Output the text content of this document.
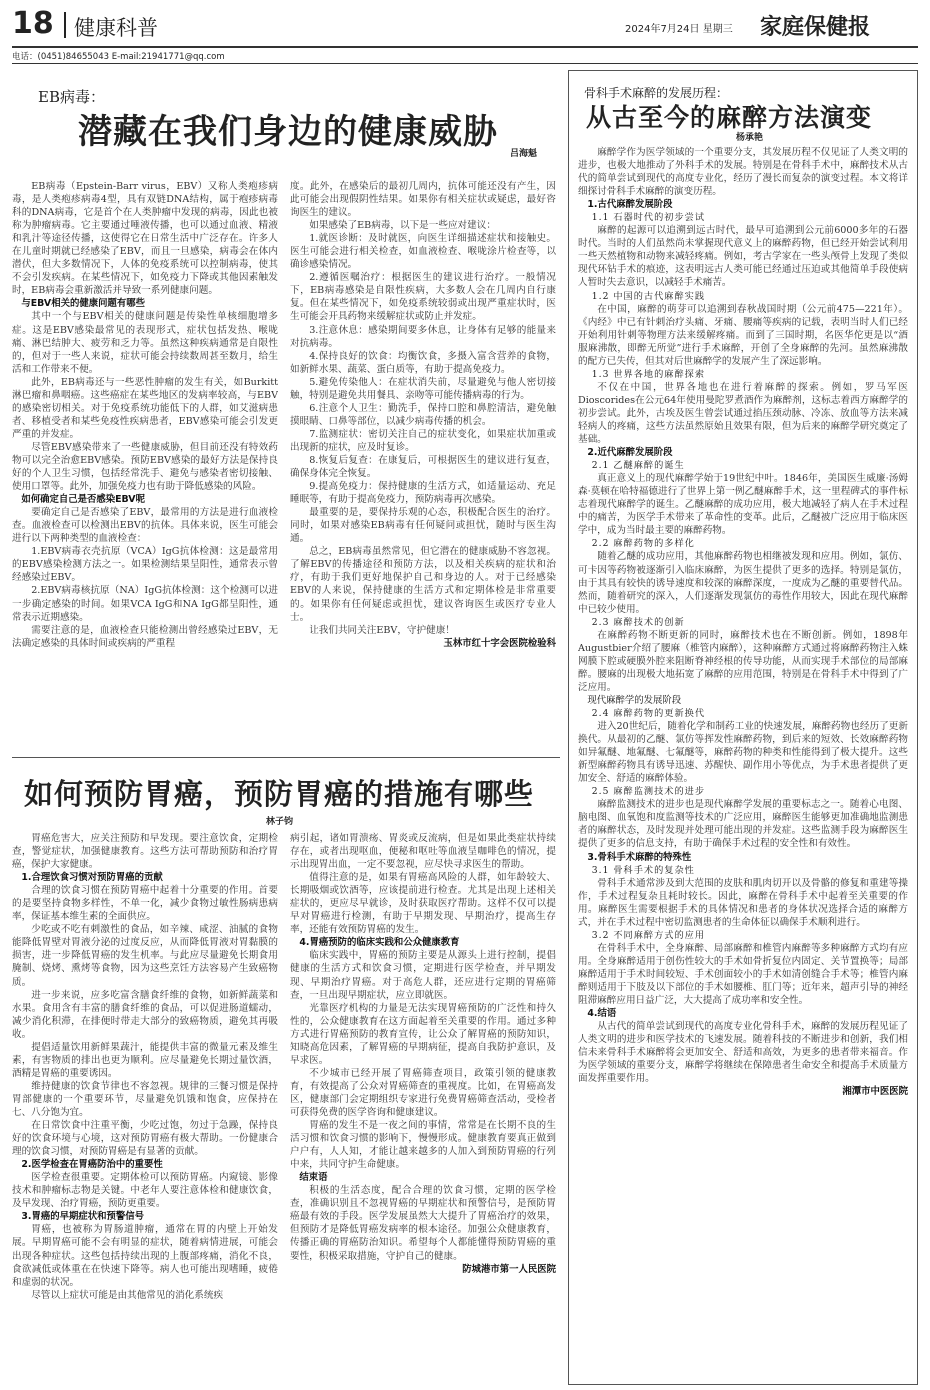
18 健康科普	2024年7月24日 星期三 家庭保健报
电话：(0451)84655043 E-mail:21941771@qq.com
EB病毒：
潜藏在我们身边的健康威胁
吕海魁

EB病毒（Epstein-Barr virus，EBV）又称人类疱疹病毒，是人类疱疹病毒4型，具有双链DNA结构，属于疱疹病毒科的DNA病毒，它是首个在人类肿瘤中发现的病毒，因此也被称为肿瘤病毒。它主要通过唾液传播，也可以通过血液、精液和乳汁等途径传播，这使得它在日常生活中广泛存在。许多人在儿童时期就已经感染了EBV，而且一旦感染，病毒会在体内潜伏，但大多数情况下，人体的免疫系统可以控制病毒，使其不会引发疾病。在某些情况下，如免疫力下降或其他因素触发时，EB病毒会重新激活并导致一系列健康问题。

与EBV相关的健康问题有哪些

其中一个与EBV相关的健康问题是传染性单核细胞增多症。这是EBV感染最常见的表现形式，症状包括发热、喉咙痛、淋巴结肿大、疲劳和乏力等。虽然这种疾病通常是自限性的，但对于一些人来说，症状可能会持续数周甚至数月，给生活和工作带来不便。

此外，EB病毒还与一些恶性肿瘤的发生有关，如Burkitt淋巴瘤和鼻咽癌。这些癌症在某些地区的发病率较高，与EBV的感染密切相关。对于免疫系统功能低下的人群，如艾滋病患者、移植受者和某些免疫性疾病患者，EBV感染可能会引发更严重的并发症。

尽管EBV感染带来了一些健康威胁，但目前还没有特效药物可以完全治愈EBV感染。预防EBV感染的最好方法是保持良好的个人卫生习惯，包括经常洗手、避免与感染者密切接触、使用口罩等。此外，加强免疫力也有助于降低感染的风险。

如何确定自己是否感染EBV呢

要确定自己是否感染了EBV，最常用的方法是进行血液检查。血液检查可以检测出EBV的抗体。具体来说，医生可能会进行以下两种类型的血液检查：

1.EBV病毒衣壳抗原（VCA）IgG抗体检测：这是最常用的EBV感染检测方法之一。如果检测结果呈阳性，通常表示曾经感染过EBV。

2.EBV病毒核抗原（NA）IgG抗体检测：这个检测可以进一步确定感染的时间。如果VCA IgG和NA IgG都呈阳性，通常表示近期感染。

需要注意的是，血液检查只能检测出曾经感染过EBV，无法确定感染的具体时间或疾病的严重程

度。此外，在感染后的最初几周内，抗体可能还没有产生，因此可能会出现假阴性结果。如果你有相关症状或疑虑，最好咨询医生的建议。

如果感染了EB病毒，以下是一些应对建议：

1.就医诊断：及时就医，向医生详细描述症状和接触史。医生可能会进行相关检查，如血液检查、喉咙涂片检查等，以确诊感染情况。

2.遵循医嘱治疗：根据医生的建议进行治疗。一般情况下，EB病毒感染是自限性疾病，大多数人会在几周内自行康复。但在某些情况下，如免疫系统较弱或出现严重症状时，医生可能会开具药物来缓解症状或防止并发症。

3.注意休息：感染期间要多休息，让身体有足够的能量来对抗病毒。

4.保持良好的饮食：均衡饮食，多摄入富含营养的食物，如新鲜水果、蔬菜、蛋白质等，有助于提高免疫力。

5.避免传染他人：在症状消失前，尽量避免与他人密切接触，特别是避免共用餐具、亲吻等可能传播病毒的行为。

6.注意个人卫生：勤洗手，保持口腔和鼻腔清洁，避免触摸眼睛、口鼻等部位，以减少病毒传播的机会。

7.监测症状：密切关注自己的症状变化，如果症状加重或出现新的症状，应及时复诊。

8.恢复后复查：在康复后，可根据医生的建议进行复查，确保身体完全恢复。

9.提高免疫力：保持健康的生活方式，如适量运动、充足睡眠等，有助于提高免疫力，预防病毒再次感染。

最重要的是，要保持乐观的心态，积极配合医生的治疗。同时，如果对感染EB病毒有任何疑问或担忧，随时与医生沟通。

总之，EB病毒虽然常见，但它潜在的健康威胁不容忽视。了解EBV的传播途径和预防方法，以及相关疾病的症状和治疗，有助于我们更好地保护自己和身边的人。对于已经感染EBV的人来说，保持健康的生活方式和定期体检是非常重要的。如果你有任何疑虑或担忧，建议咨询医生或医疗专业人士。

让我们共同关注EBV，守护健康！

玉林市红十字会医院检验科

如何预防胃癌，预防胃癌的措施有哪些
林子钧

胃癌危害大，应关注预防和早发现。要注意饮食，定期检查，警觉症状，加强健康教育。这些方法可帮助预防和治疗胃癌，保护大家健康。

1.合理饮食习惯对预防胃癌的贡献

合理的饮食习惯在预防胃癌中起着十分重要的作用。首要的是要坚持食物多样性，不单一化，减少食物过敏性肠病患病率，保证基本维生素的全面供应。

少吃或不吃有刺激性的食品，如辛辣、咸涩、油腻的食物能降低胃壁对胃液分泌的过度反应，从而降低胃液对胃黏膜的损害，进一步降低胃癌的发生机率。与此应尽量避免长期食用腌制、烧烤、熏烤等食物，因为这些烹饪方法容易产生致癌物质。

进一步来说，应多吃富含膳食纤维的食物，如新鲜蔬菜和水果。食用含有丰富的膳食纤维的食品，可以促进肠道蠕动，减少消化积滞，在排便时带走大部分的致癌物质，避免其再吸收。

提倡适量饮用新鲜果蔬汁，能提供丰富的微量元素及维生素，有害物质的排出也更为顺利。应尽量避免长期过量饮酒，酒精是胃癌的重要诱因。

维持健康的饮食节律也不容忽视。规律的三餐习惯是保持胃部健康的一个重要环节，尽量避免饥饿和饱食，应保持在七、八分饱为宜。

在日常饮食中注重平衡，少吃过饱，勿过于急躁，保持良好的饮食环境与心境，这对预防胃癌有极大帮助。一份健康合理的饮食习惯，对预防胃癌是有显著的贡献。

2.医学检查在胃癌防治中的重要性

医学检查很重要。定期体检可以预防胃癌。内窥镜、影像技术和肿瘤标志物是关键。中老年人要注意体检和健康饮食，及早发现、治疗胃癌，预防更重要。

3.胃癌的早期症状和预警信号

胃癌，也被称为胃肠道肿瘤，通常在胃的内壁上开始发展。早期胃癌可能不会有明显的症状，随着病情进展，可能会出现各种症状。这些包括持续出现的上腹部疼痛，消化不良，食欲减低或体重在在快速下降等。病人也可能出现嗜睡，疲倦和虚弱的状况。

尽管以上症状可能是由其他常见的消化系统疾

病引起，诸如胃溃疡、胃炎或反流病，但是如果此类症状持续存在，或者出现呕血，便秘和呕吐等血液呈咖啡色的情况，提示出现胃出血，一定不要忽视，应尽快寻求医生的帮助。

值得注意的是，如果有胃癌高风险的人群，如年龄较大、长期吸烟或饮酒等，应该提前进行检查。尤其是出现上述相关症状的，更应尽早就诊，及时获取医疗帮助。这样不仅可以提早对胃癌进行检测，有助于早期发现、早期治疗，提高生存率，还能有效预防胃癌的发生。

4.胃癌预防的临床实践和公众健康教育

临床实践中，胃癌的预防主要是从源头上进行控制，提倡健康的生活方式和饮食习惯，定期进行医学检查，并早期发现、早期治疗胃癌。对于高危人群，还应进行定期的胃癌筛查，一旦出现早期症状，应立即就医。

光靠医疗机构的力量是无法实现胃癌预防的广泛性和持久性的，公众健康教育在这方面起着至关重要的作用。通过多种方式进行胃癌预防的教育宣传，让公众了解胃癌的预防知识，知晓高危因素，了解胃癌的早期病征，提高自我防护意识，及早求医。

不少城市已经开展了胃癌筛查项目，政策引领的健康教育，有效提高了公众对胃癌筛查的重视度。比如，在胃癌高发区，健康部门会定期组织专家进行免费胃癌筛查活动，受检者可获得免费的医学咨询和健康建议。

胃癌的发生不是一夜之间的事情，常常是在长期不良的生活习惯和饮食习惯的影响下，慢慢形成。健康教育要真正做到户户有，人人知，才能让越来越多的人加入到预防胃癌的行列中来，共同守护生命健康。

结束语

积极的生活态度，配合合理的饮食习惯，定期的医学检查，准确识别且不忽视胃癌的早期症状和预警信号，是预防胃癌最有效的手段。医学发展虽然大大提升了胃癌治疗的效果，但预防才是降低胃癌发病率的根本途径。加强公众健康教育，传播正确的胃癌防治知识。希望每个人都能懂得预防胃癌的重要性，积极采取措施，守护自己的健康。

防城港市第一人民医院

骨科手术麻醉的发展历程：
从古至今的麻醉方法演变
杨承艳

麻醉学作为医学领域的一个重要分支，其发展历程不仅见证了人类文明的进步，也极大地推动了外科手术的发展。特别是在骨科手术中，麻醉技术从古代的简单尝试到现代的高度专业化，经历了漫长而复杂的演变过程。本文将详细探讨骨科手术麻醉的演变历程。

1.古代麻醉发展阶段
1.1 石器时代的初步尝试

麻醉的起源可以追溯到远古时代，最早可追溯到公元前6000多年的石器时代。当时的人们虽然尚未掌握现代意义上的麻醉药物，但已经开始尝试利用一些天然植物和动物来减轻疼痛。例如，考古学家在一些头颅骨上发现了类似现代环钻手术的痕迹，这表明远古人类可能已经通过压迫或其他简单手段使病人暂时失去意识，以减轻手术痛苦。

1.2 中国的古代麻醉实践

在中国，麻醉的萌芽可以追溯到春秋战国时期（公元前475—221年）。《内经》中已有针刺治疗头痛、牙痛、腰痛等疾病的记载，表明当时人们已经开始利用针刺等物理方法来缓解疼痛。而到了三国时期，名医华佗更是以“酒服麻沸散，即醉无所觉”进行手术麻醉，开创了全身麻醉的先河。虽然麻沸散的配方已失传，但其对后世麻醉学的发展产生了深远影响。

1.3 世界各地的麻醉探索

不仅在中国，世界各地也在进行着麻醉的探索。例如，罗马军医Dioscorides在公元64年使用曼陀罗煮酒作为麻醉剂，这标志着西方麻醉学的初步尝试。此外，古埃及医生曾尝试通过掐压颈动脉、冷冻、放血等方法来减轻病人的疼痛，这些方法虽然原始且效果有限，但为后来的麻醉学研究奠定了基础。

2.近代麻醉发展阶段
2.1 乙醚麻醉的诞生

真正意义上的现代麻醉学始于19世纪中叶。1846年，美国医生威廉·汤姆森·莫顿在哈特福德进行了世界上第一例乙醚麻醉手术，这一里程碑式的事件标志着现代麻醉学的诞生。乙醚麻醉的成功应用，极大地减轻了病人在手术过程中的痛苦，为医学手术带来了革命性的变革。此后，乙醚被广泛应用于临床医学中，成为当时最主要的麻醉药物。

2.2 麻醉药物的多样化

随着乙醚的成功应用，其他麻醉药物也相继被发现和应用。例如，氯仿、可卡因等药物被逐渐引入临床麻醉，为医生提供了更多的选择。特别是氯仿，由于其具有较快的诱导速度和较深的麻醉深度，一度成为乙醚的重要替代品。然而，随着研究的深入，人们逐渐发现氯仿的毒性作用较大，因此在现代麻醉中已较少使用。

2.3 麻醉技术的创新

在麻醉药物不断更新的同时，麻醉技术也在不断创新。例如，1898年Augustbier介绍了腰麻（椎管内麻醉），这种麻醉方式通过将麻醉药物注入蛛网膜下腔或硬膜外腔来阻断脊神经根的传导功能，从而实现手术部位的局部麻醉。腰麻的出现极大地拓宽了麻醉的应用范围，特别是在骨科手术中得到了广泛应用。

现代麻醉学的发展阶段
2.4 麻醉药物的更新换代

进入20世纪后，随着化学和制药工业的快速发展，麻醉药物也经历了更新换代。从最初的乙醚、氯仿等挥发性麻醉药物，到后来的短效、长效麻醉药物如异氟醚、地氟醚、七氟醚等，麻醉药物的种类和性能得到了极大提升。这些新型麻醉药物具有诱导迅速、苏醒快、副作用小等优点，为手术患者提供了更加安全、舒适的麻醉体验。

2.5 麻醉监测技术的进步

麻醉监测技术的进步也是现代麻醉学发展的重要标志之一。随着心电图、脑电图、血氧饱和度监测等技术的广泛应用，麻醉医生能够更加准确地监测患者的麻醉状态，及时发现并处理可能出现的并发症。这些监测手段为麻醉医生提供了更多的信息支持，有助于确保手术过程的安全性和有效性。

3.骨科手术麻醉的特殊性
3.1 骨科手术的复杂性

骨科手术通常涉及到大范围的皮肤和肌肉切开以及骨骼的修复和重建等操作，手术过程复杂且耗时较长。因此，麻醉在骨科手术中起着至关重要的作用。麻醉医生需要根据手术的具体情况和患者的身体状况选择合适的麻醉方式，并在手术过程中密切监测患者的生命体征以确保手术顺利进行。

3.2 不同麻醉方式的应用

在骨科手术中，全身麻醉、局部麻醉和椎管内麻醉等多种麻醉方式均有应用。全身麻醉适用于创伤性较大的手术如骨折复位内固定、关节置换等；局部麻醉适用于手术时间较短、手术创面较小的手术如清创缝合手术等；椎管内麻醉则适用于下肢及以下部位的手术如腰椎、肛门等；近年来，超声引导的神经阻滞麻醉应用日益广泛，大大提高了成功率和安全性。

4.结语

从古代的简单尝试到现代的高度专业化骨科手术，麻醉的发展历程见证了人类文明的进步和医学技术的飞速发展。随着科技的不断进步和创新，我们相信未来骨科手术麻醉将会更加安全、舒适和高效，为更多的患者带来福音。作为医学领域的重要分支，麻醉学将继续在保障患者生命安全和提高手术质量方面发挥重要作用。

湘潭市中医医院
